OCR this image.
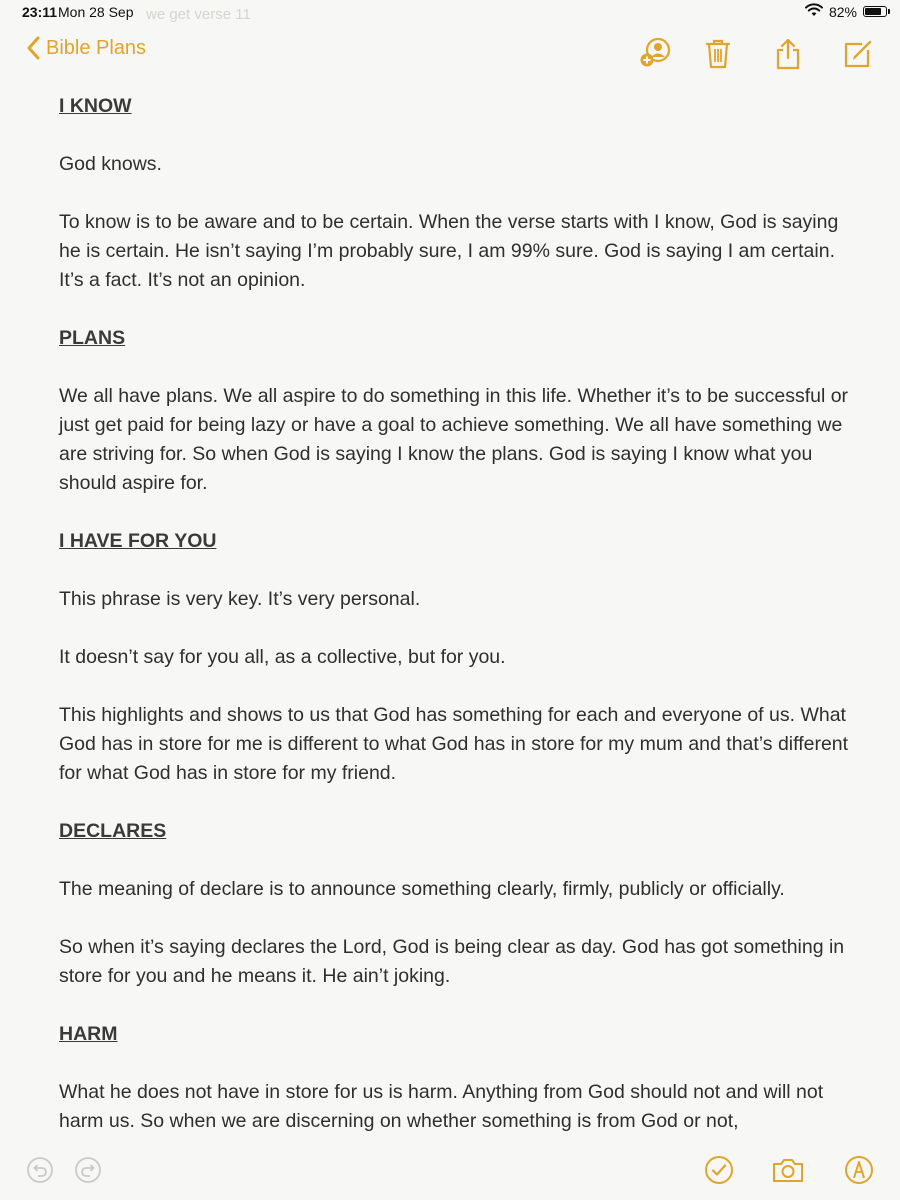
we get verse 11
23:11 Mon 28 Sep	82%
Bible Plans

I KNOW

God knows.

To know is to be aware and to be certain. When the verse starts with I know, God is saying he is certain. He isn’t saying I’m probably sure, I am 99% sure. God is saying I am certain. It’s a fact. It’s not an opinion.

PLANS

We all have plans. We all aspire to do something in this life. Whether it’s to be successful or just get paid for being lazy or have a goal to achieve something. We all have something we are striving for. So when God is saying I know the plans. God is saying I know what you should aspire for.

I HAVE FOR YOU

This phrase is very key. It’s very personal.

It doesn’t say for you all, as a collective, but for you.

This highlights and shows to us that God has something for each and everyone of us. What God has in store for me is different to what God has in store for my mum and that’s different for what God has in store for my friend.

DECLARES

The meaning of declare is to announce something clearly, firmly, publicly or officially.

So when it’s saying declares the Lord, God is being clear as day. God has got something in store for you and he means it. He ain’t joking.

HARM

What he does not have in store for us is harm. Anything from God should not and will not harm us. So when we are discerning on whether something is from God or not,
